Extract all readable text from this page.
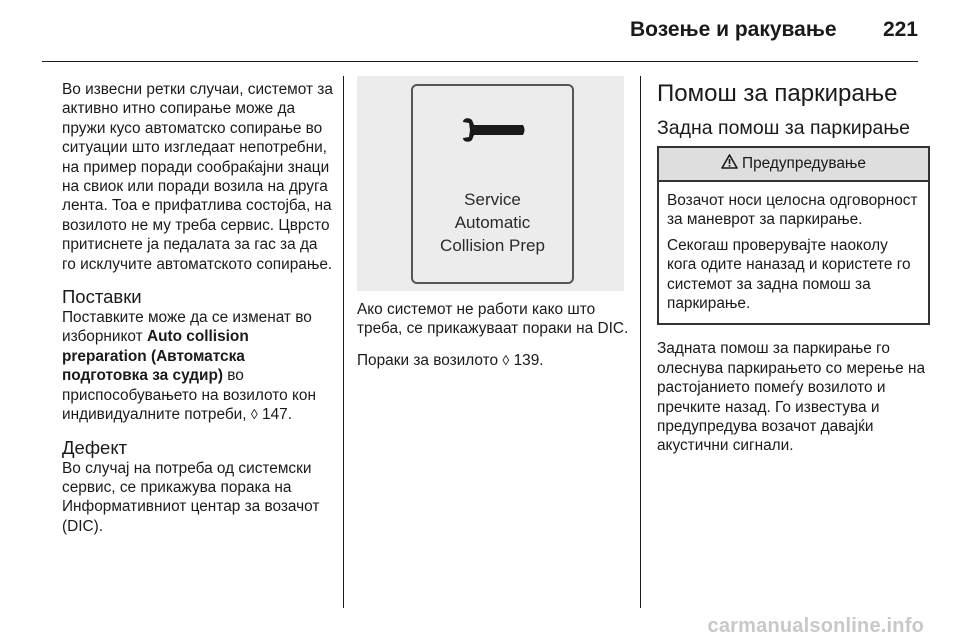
Возење и ракување 221

Во извесни ретки случаи, системот за активно итно сопирање може да пружи кусо автоматско сопирање во ситуации што изгледаат непотребни, на пример поради сообраќајни знаци на свиок или поради возила на друга лента. Тоа е прифатлива состојба, на возилото не му треба сервис. Цврсто притиснете ја педалата за гас за да го исклучите автоматското сопирање.

Поставки

Поставките може да се изменат во изборникот Auto collision preparation (Автоматска подготовка за судир) во приспособувањето на возилото кон индивидуалните потреби, ◊ 147.

Дефект

Во случај на потреба од системски сервис, се прикажува порака на Информативниот центар за возачот (DIC).

Service
Automatic
Collision Prep

Ако системот не работи како што треба, се прикажуваат пораки на DIC.

Пораки за возилото ◊ 139.

Помош за паркирање
Задна помош за паркирање
Предупредување

Возачот носи целосна одговорност за маневрот за паркирање.

Секогаш проверувајте наоколу кога одите наназад и користете го системот за задна помош за паркирање.

Задната помош за паркирање го олеснува паркирањето со мерење на растојанието помеѓу возилото и пречките назад. Го известува и предупредува возачот давајќи акустични сигнали.

carmanualsonline.info
